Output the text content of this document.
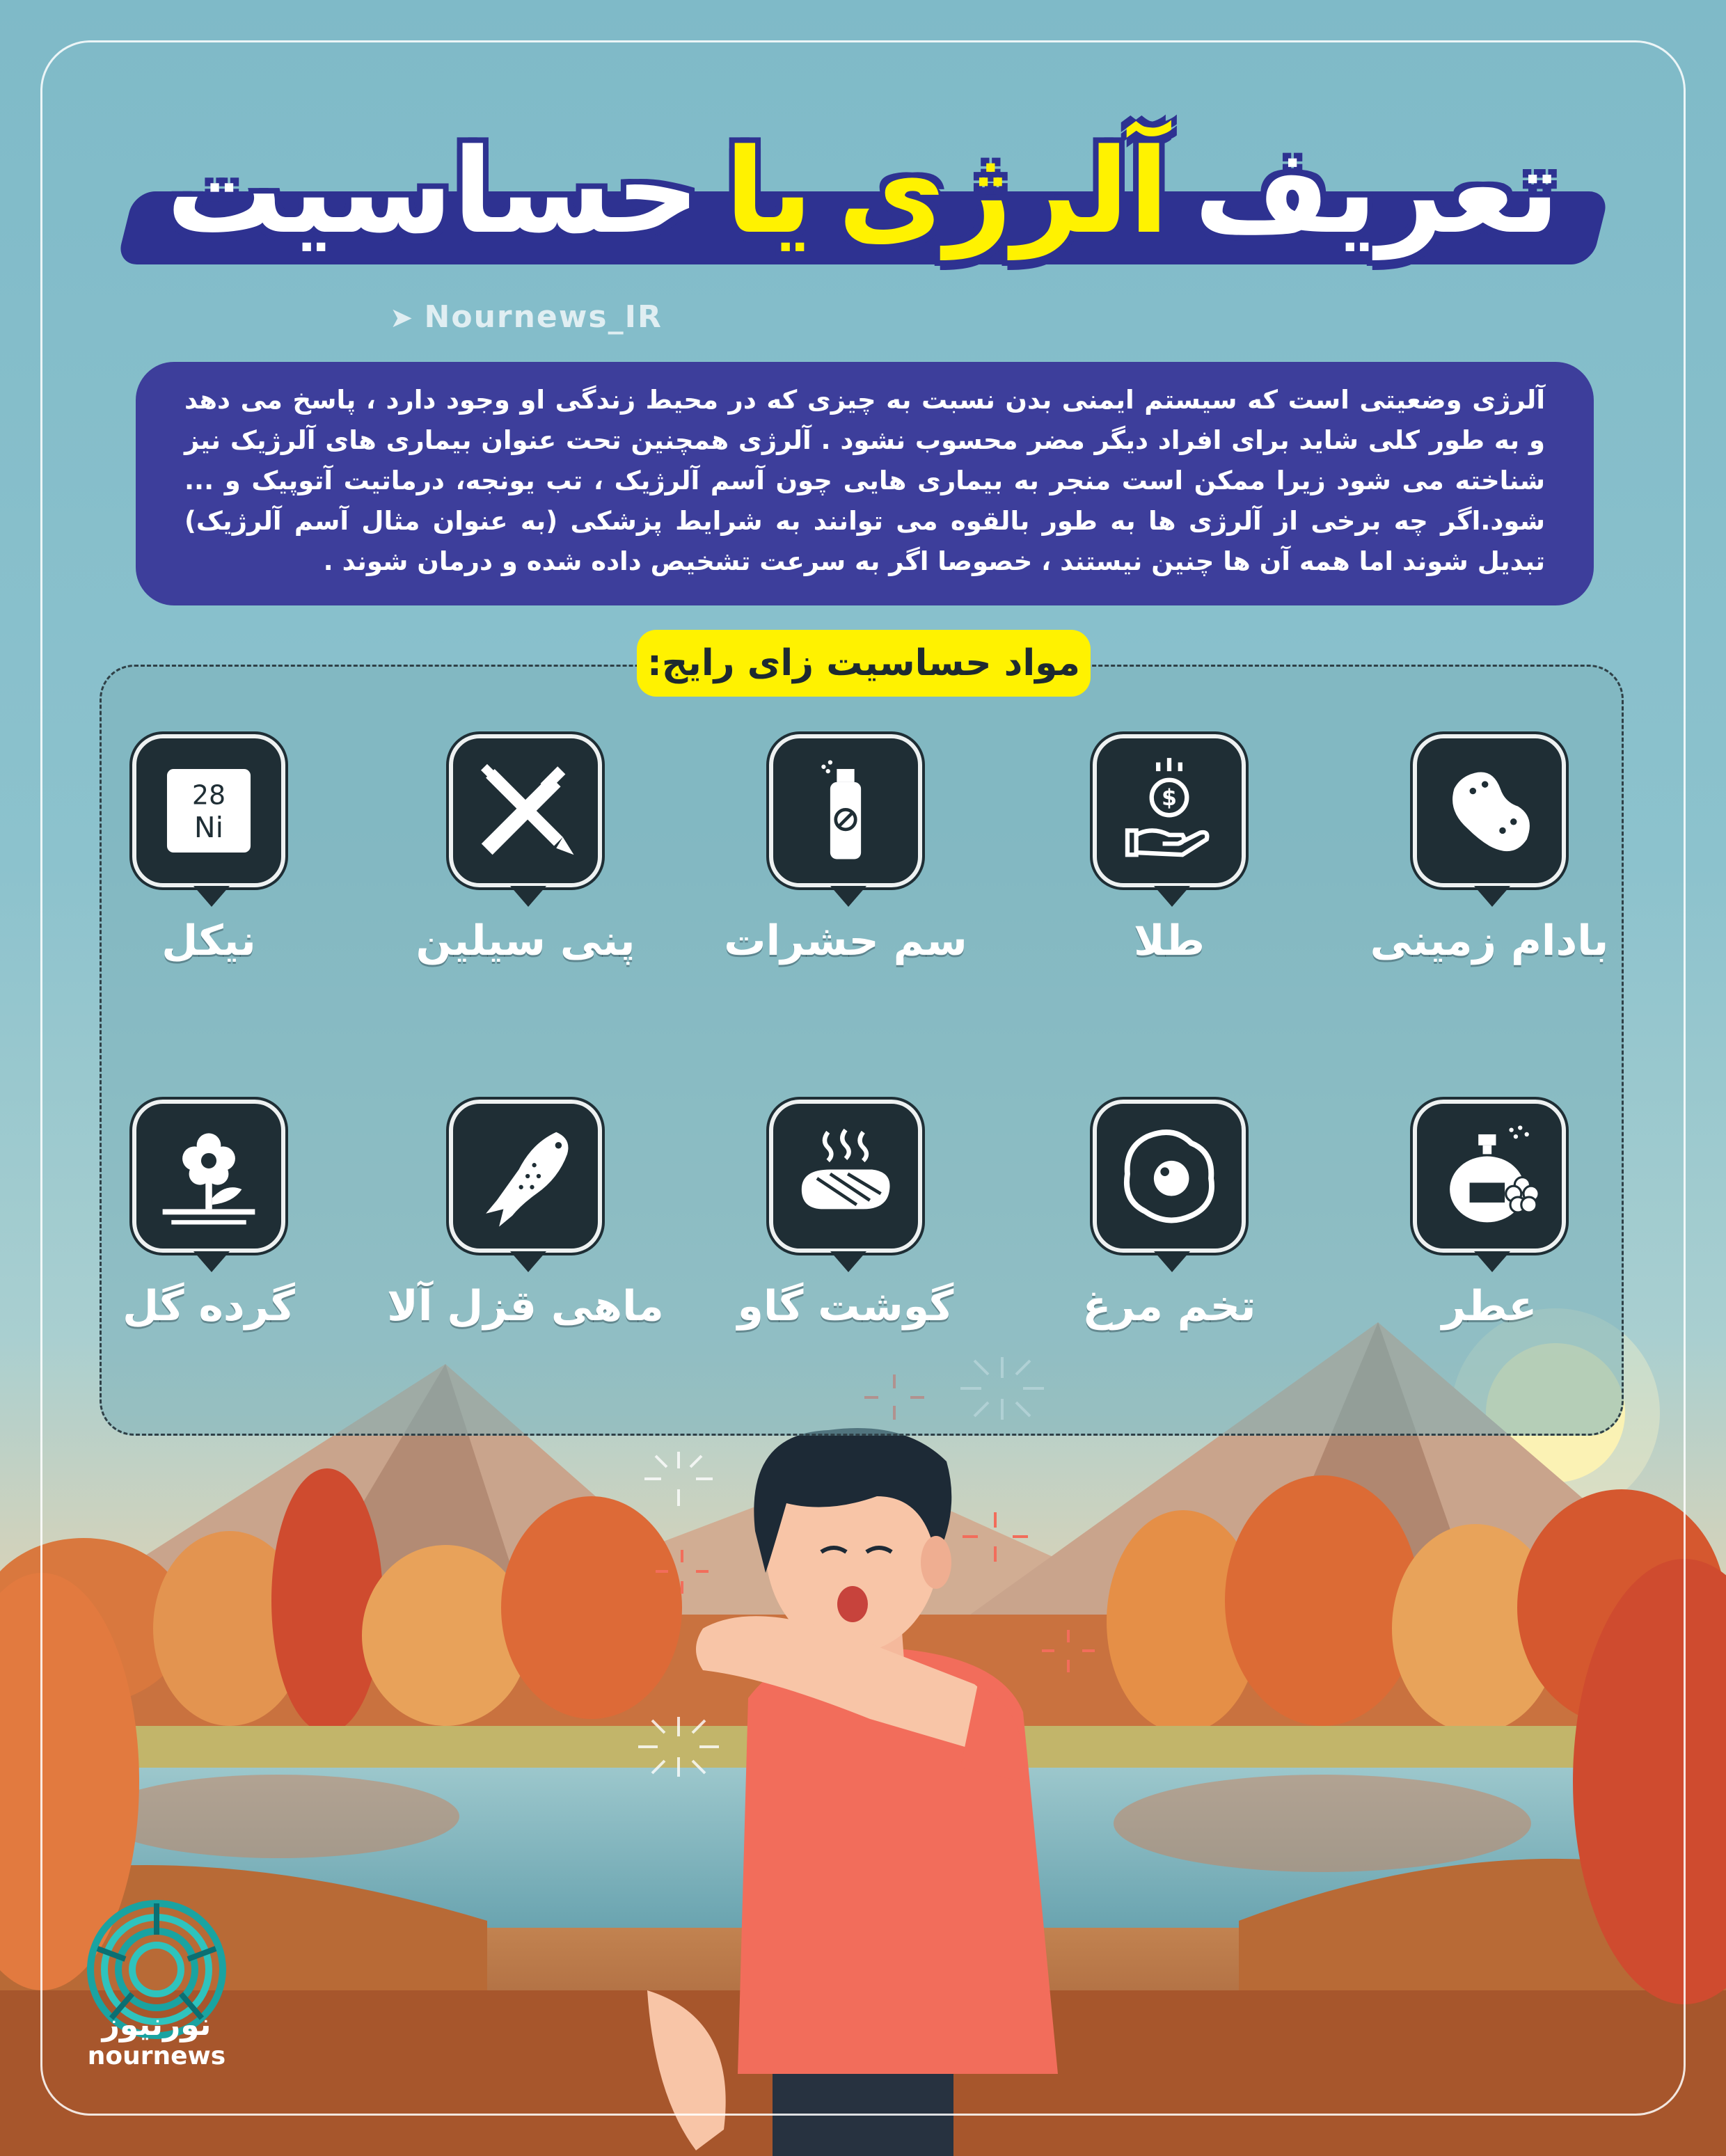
تعریفآلرژییاحساسیت
➤ Nournews_IR
آلرژی وضعیتی است که سیستم ایمنی بدن نسبت به چیزی که در محیط زندگی او وجود دارد ، پاسخ می دهد و به طور کلی شاید برای افراد دیگر مضر محسوب نشود . آلرژی همچنین تحت عنوان بیماری های آلرژیک نیز شناخته می شود زیرا ممکن است منجر به بیماری هایی چون آسم آلرژیک ، تب یونجه، درماتیت آتوپیک و ... شود.اگر چه برخی از آلرژی ها به طور بالقوه می توانند به شرایط پزشکی (به عنوان مثال آسم آلرژیک) تبدیل شوند اما همه آن ها چنین نیستند ، خصوصا اگر به سرعت تشخیص داده شده و درمان شوند .
مواد حساسیت زای رایج:
بادام زمینی
$
طلا
سم حشرات
پنی سیلین
28
Ni
نیکل
عطر
تخم مرغ
گوشت گاو
ماهی قزل آلا
گرده گل
نورنیوز
nournews
